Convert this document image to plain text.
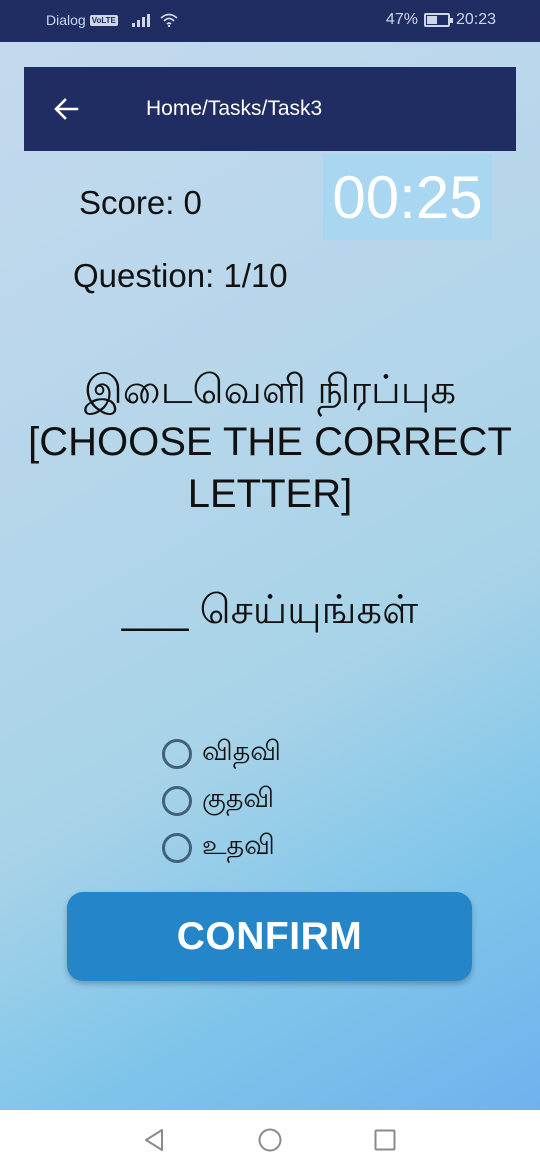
Dialog VoLTE	47% 20:23
Home/Tasks/Task3
Score: 0 00:25
Question: 1/10
இடைவெளி நிரப்புக [CHOOSE THE CORRECT LETTER]
___ செய்யுங்கள்
விதவி
குதவி
உதவி
CONFIRM
